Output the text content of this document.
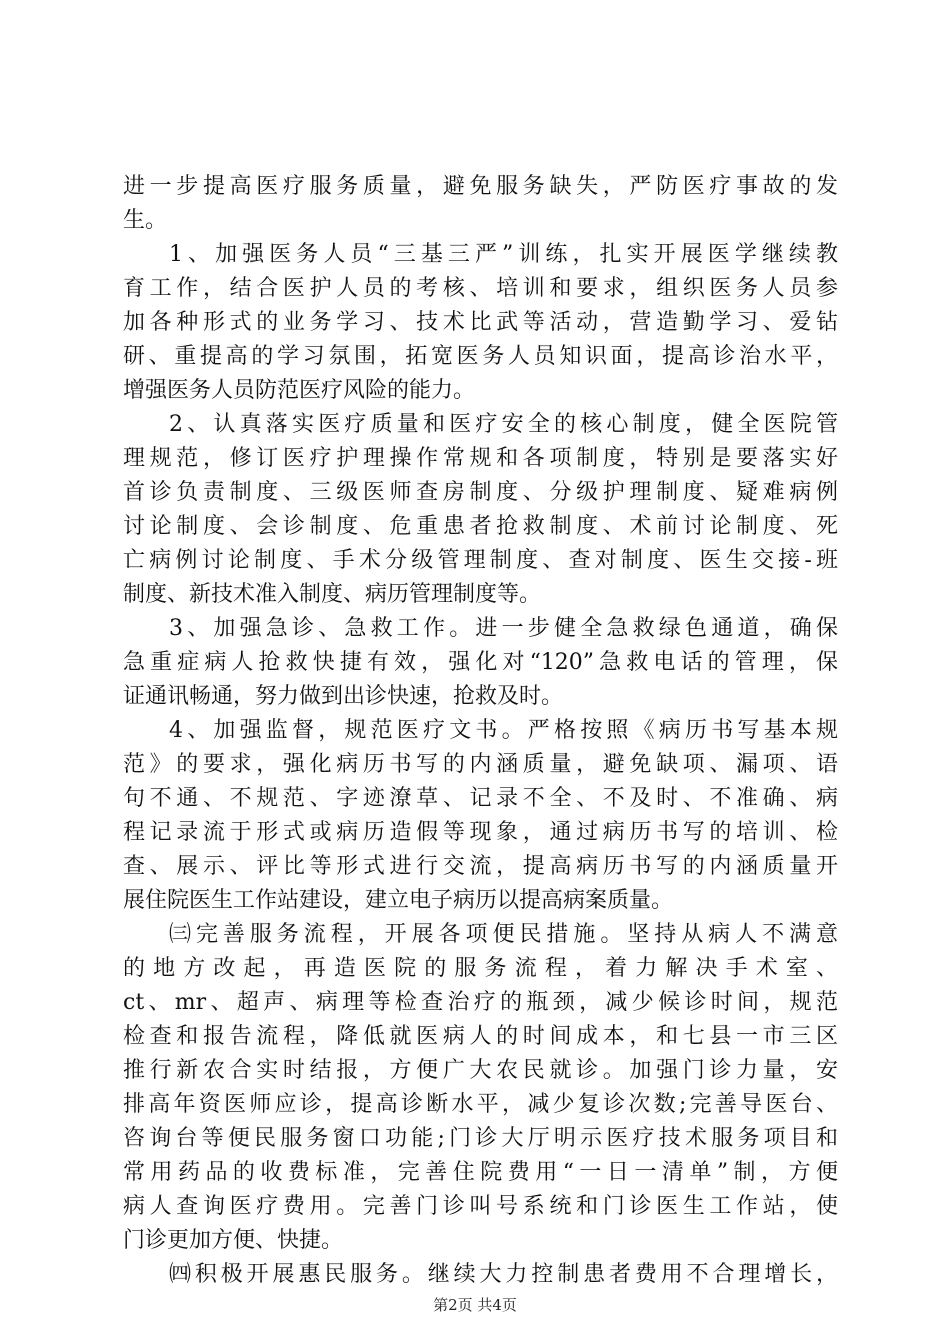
进一步提高医疗服务质量，避免服务缺失，严防医疗事故的发
生。
1、加强医务人员“三基三严”训练，扎实开展医学继续教
育工作，结合医护人员的考核、培训和要求，组织医务人员参
加各种形式的业务学习、技术比武等活动，营造勤学习、爱钻
研、重提高的学习氛围，拓宽医务人员知识面，提高诊治水平，
增强医务人员防范医疗风险的能力。
2、认真落实医疗质量和医疗安全的核心制度，健全医院管
理规范，修订医疗护理操作常规和各项制度，特别是要落实好
首诊负责制度、三级医师查房制度、分级护理制度、疑难病例
讨论制度、会诊制度、危重患者抢救制度、术前讨论制度、死
亡病例讨论制度、手术分级管理制度、查对制度、医生交接-班
制度、新技术准入制度、病历管理制度等。
3、加强急诊、急救工作。进一步健全急救绿色通道，确保
急重症病人抢救快捷有效，强化对“120”急救电话的管理，保
证通讯畅通，努力做到出诊快速，抢救及时。
4、加强监督，规范医疗文书。严格按照《病历书写基本规
范》的要求，强化病历书写的内涵质量，避免缺项、漏项、语
句不通、不规范、字迹潦草、记录不全、不及时、不准确、病
程记录流于形式或病历造假等现象，通过病历书写的培训、检
查、展示、评比等形式进行交流，提高病历书写的内涵质量开
展住院医生工作站建设，建立电子病历以提高病案质量。
㈢完善服务流程，开展各项便民措施。坚持从病人不满意
的地方改起，再造医院的服务流程，着力解决手术室、
ct、mr、超声、病理等检查治疗的瓶颈，减少候诊时间，规范
检查和报告流程，降低就医病人的时间成本，和七县一市三区
推行新农合实时结报，方便广大农民就诊。加强门诊力量，安
排高年资医师应诊，提高诊断水平，减少复诊次数;完善导医台、
咨询台等便民服务窗口功能;门诊大厅明示医疗技术服务项目和
常用药品的收费标准，完善住院费用“一日一清单”制，方便
病人查询医疗费用。完善门诊叫号系统和门诊医生工作站，使
门诊更加方便、快捷。
㈣积极开展惠民服务。继续大力控制患者费用不合理增长，
第2页 共4页
